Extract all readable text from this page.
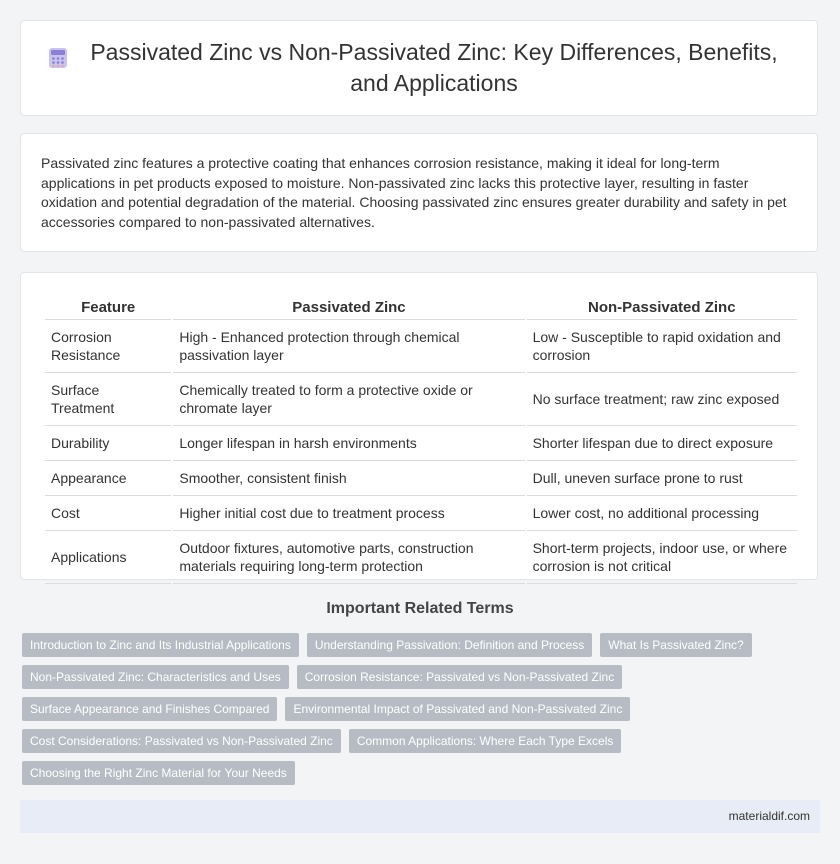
Passivated Zinc vs Non-Passivated Zinc: Key Differences, Benefits, and Applications

Passivated zinc features a protective coating that enhances corrosion resistance, making it ideal for long-term applications in pet products exposed to moisture. Non-passivated zinc lacks this protective layer, resulting in faster oxidation and potential degradation of the material. Choosing passivated zinc ensures greater durability and safety in pet accessories compared to non-passivated alternatives.

Feature	Passivated Zinc	Non-Passivated Zinc
Corrosion Resistance	High - Enhanced protection through chemical passivation layer	Low - Susceptible to rapid oxidation and corrosion
Surface Treatment	Chemically treated to form a protective oxide or chromate layer	No surface treatment; raw zinc exposed
Durability	Longer lifespan in harsh environments	Shorter lifespan due to direct exposure
Appearance	Smoother, consistent finish	Dull, uneven surface prone to rust
Cost	Higher initial cost due to treatment process	Lower cost, no additional processing
Applications	Outdoor fixtures, automotive parts, construction materials requiring long-term protection	Short-term projects, indoor use, or where corrosion is not critical
Important Related Terms
Introduction to Zinc and Its Industrial Applications	Understanding Passivation: Definition and Process	What Is Passivated Zinc?
Non-Passivated Zinc: Characteristics and Uses	Corrosion Resistance: Passivated vs Non-Passivated Zinc
Surface Appearance and Finishes Compared	Environmental Impact of Passivated and Non-Passivated Zinc
Cost Considerations: Passivated vs Non-Passivated Zinc	Common Applications: Where Each Type Excels
Choosing the Right Zinc Material for Your Needs
materialdif.com
